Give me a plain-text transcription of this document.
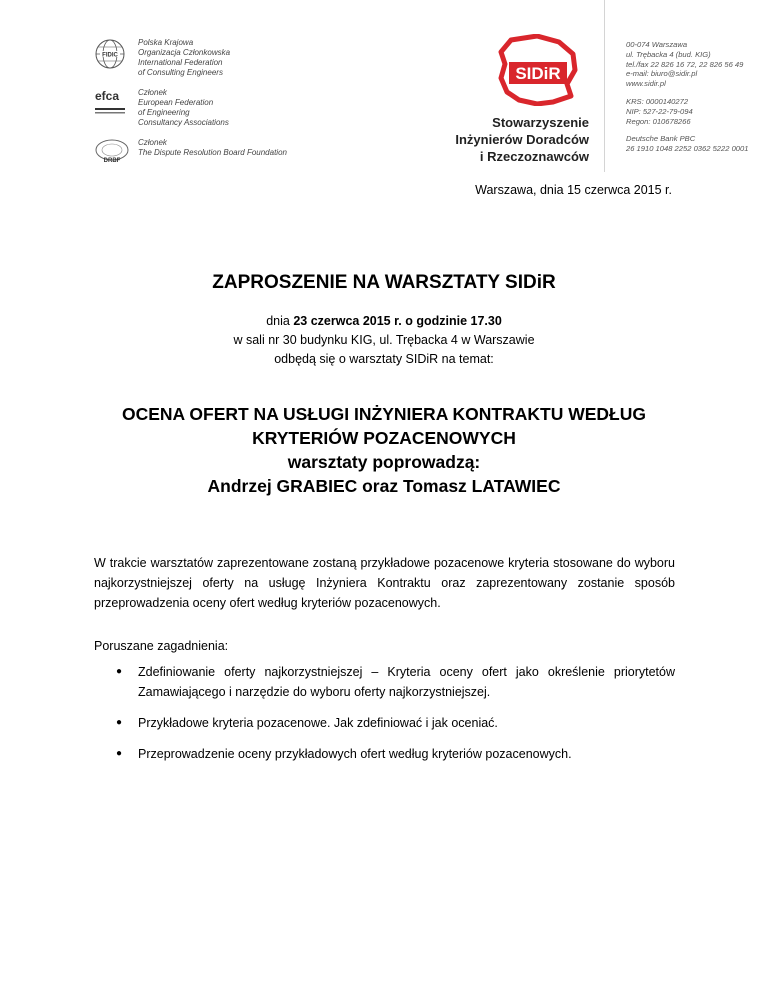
FIDIC
Polska Krajowa
Organizacja Członkowska
International Federation
of Consulting Engineers
efca Członek
European Federation
of Engineering
Consultancy Associations
DRBF
Członek
The Dispute Resolution Board Foundation
SIDiR
Stowarzyszenie
Inżynierów Doradców
i Rzeczoznawców
00-074 Warszawa
ul. Trębacka 4 (bud. KIG)
tel./fax 22 826 16 72, 22 826 56 49
e-mail: biuro@sidir.pl
www.sidir.pl
KRS: 0000140272
NIP: 527-22-79-094
Regon: 010678266
Deutsche Bank PBC
26 1910 1048 2252 0362 5222 0001
Warszawa, dnia 15 czerwca 2015 r.
ZAPROSZENIE NA WARSZTATY SIDiR
dnia 23 czerwca 2015 r. o godzinie 17.30
w sali nr 30 budynku KIG, ul. Trębacka 4 w Warszawie
odbędą się o warsztaty SIDiR na temat:
OCENA OFERT NA USŁUGI INŻYNIERA KONTRAKTU WEDŁUG
KRYTERIÓW POZACENOWYCH
warsztaty poprowadzą:
Andrzej GRABIEC oraz Tomasz LATAWIEC
W trakcie warsztatów zaprezentowane zostaną przykładowe pozacenowe kryteria stosowane do wyboru najkorzystniejszej oferty na usługę Inżyniera Kontraktu oraz zaprezentowany zostanie sposób przeprowadzenia oceny ofert według kryteriów pozacenowych.
Poruszane zagadnienia:
● Zdefiniowanie oferty najkorzystniejszej – Kryteria oceny ofert jako określenie priorytetów Zamawiającego i narzędzie do wyboru oferty najkorzystniejszej.
● Przykładowe kryteria pozacenowe. Jak zdefiniować i jak oceniać.
● Przeprowadzenie oceny przykładowych ofert według kryteriów pozacenowych.
